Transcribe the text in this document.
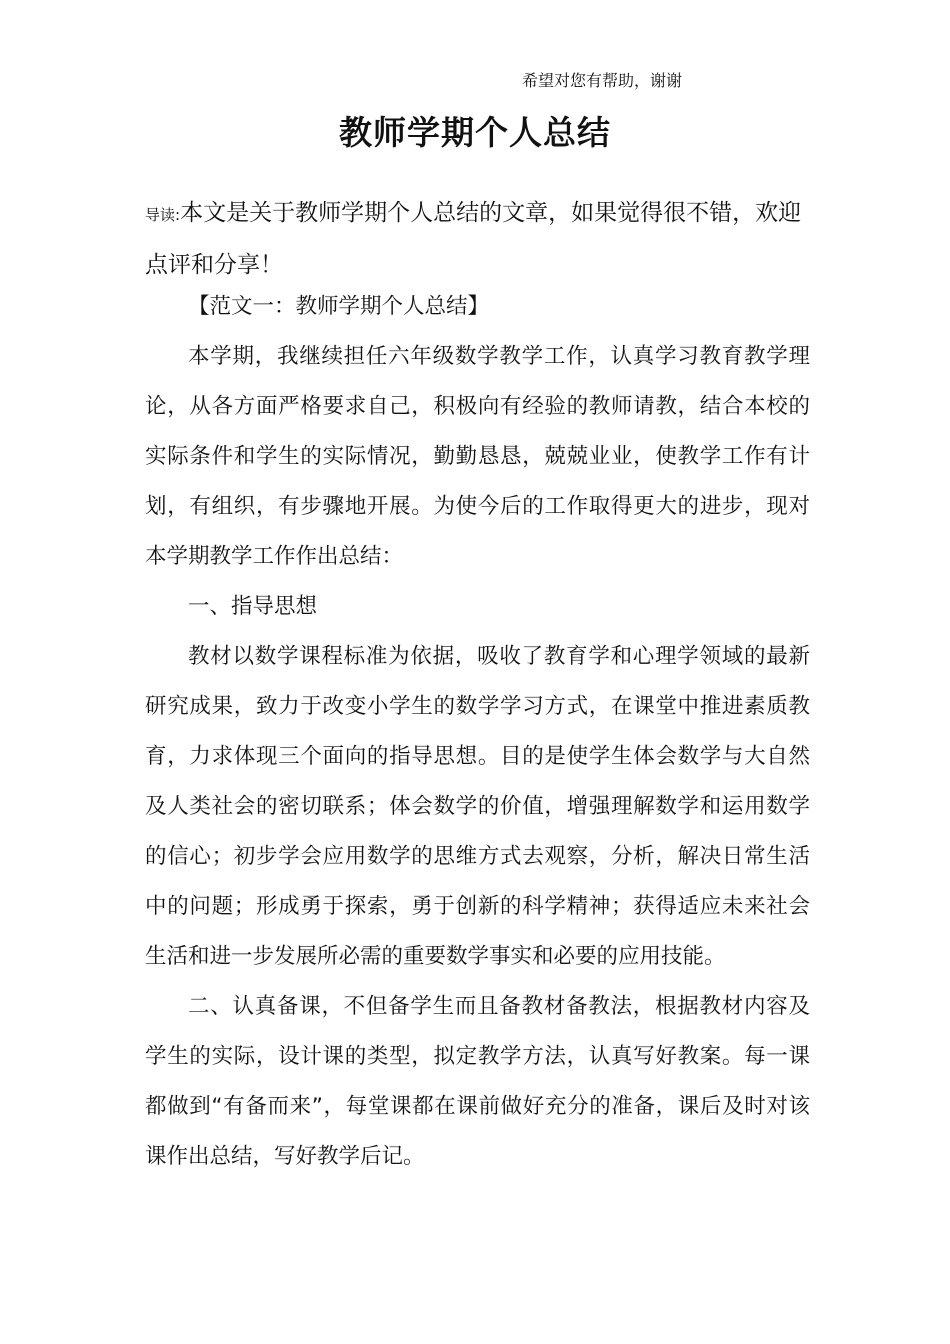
希望对您有帮助，谢谢
教师学期个人总结
导读:本文是关于教师学期个人总结的文章，如果觉得很不错，欢迎点评和分享！

【范文一：教师学期个人总结】

本学期，我继续担任六年级数学教学工作，认真学习教育教学理论，从各方面严格要求自己，积极向有经验的教师请教，结合本校的实际条件和学生的实际情况，勤勤恳恳，兢兢业业，使教学工作有计划，有组织，有步骤地开展。为使今后的工作取得更大的进步，现对本学期教学工作作出总结：

一、指导思想

教材以数学课程标准为依据，吸收了教育学和心理学领域的最新研究成果，致力于改变小学生的数学学习方式，在课堂中推进素质教育，力求体现三个面向的指导思想。目的是使学生体会数学与大自然及人类社会的密切联系；体会数学的价值，增强理解数学和运用数学的信心；初步学会应用数学的思维方式去观察，分析，解决日常生活中的问题；形成勇于探索，勇于创新的科学精神；获得适应未来社会生活和进一步发展所必需的重要数学事实和必要的应用技能。

二、认真备课，不但备学生而且备教材备教法，根据教材内容及学生的实际，设计课的类型，拟定教学方法，认真写好教案。每一课都做到“有备而来”，每堂课都在课前做好充分的准备，课后及时对该课作出总结，写好教学后记。
